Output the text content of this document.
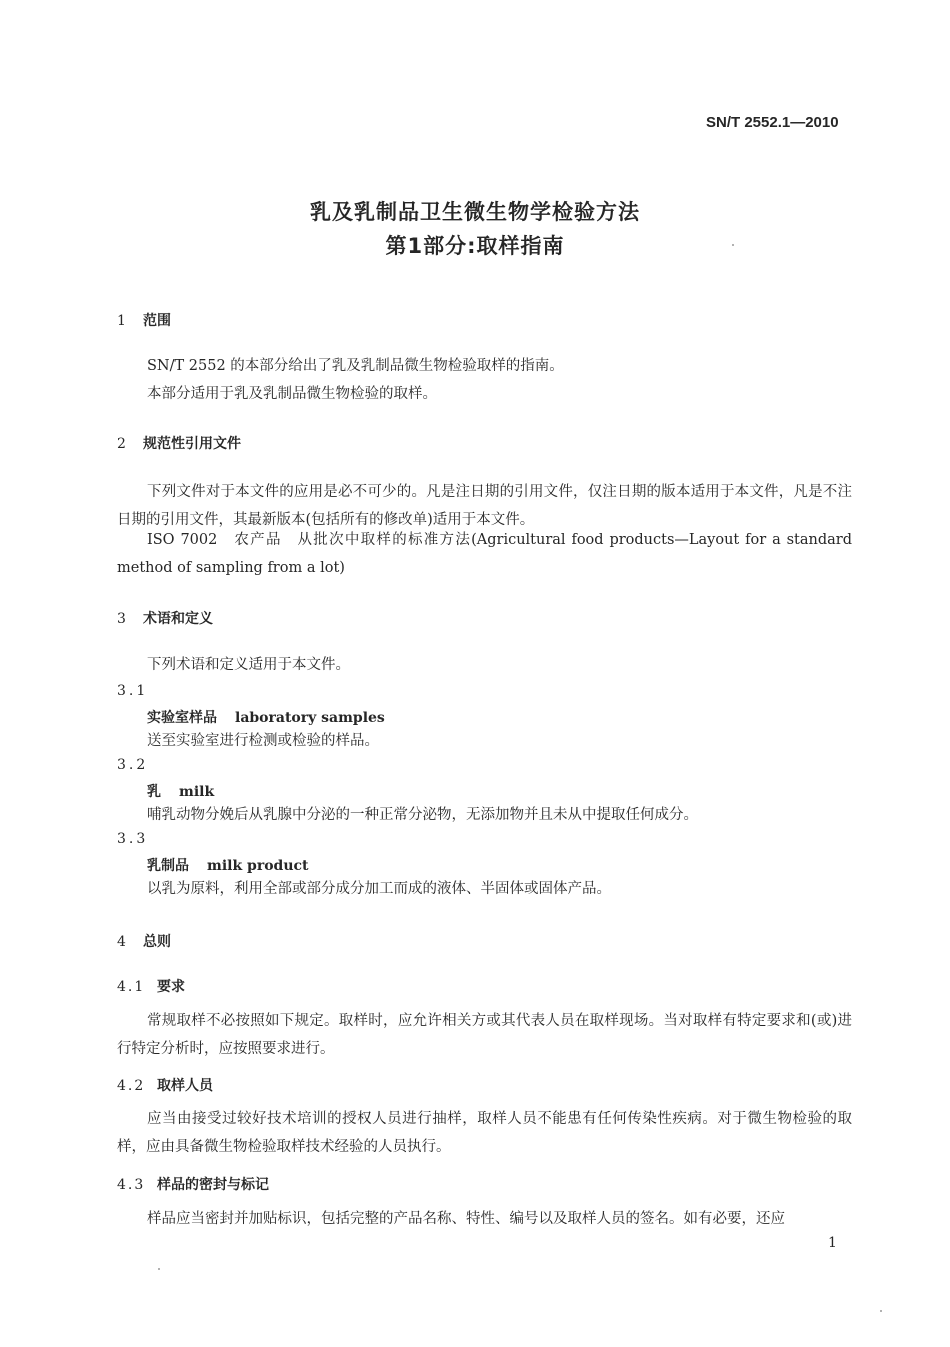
SN/T 2552.1—2010
乳及乳制品卫生微生物学检验方法
第1部分:取样指南
1 范围
SN/T 2552 的本部分给出了乳及乳制品微生物检验取样的指南。
本部分适用于乳及乳制品微生物检验的取样。
2 规范性引用文件
下列文件对于本文件的应用是必不可少的。凡是注日期的引用文件，仅注日期的版本适用于本文件，凡是不注日期的引用文件，其最新版本(包括所有的修改单)适用于本文件。
ISO 7002　农产品　从批次中取样的标准方法(Agricultural food products—Layout for a standard method of sampling from a lot)
3 术语和定义
下列术语和定义适用于本文件。
3.1
实验室样品 laboratory samples
送至实验室进行检测或检验的样品。
3.2
乳 milk
哺乳动物分娩后从乳腺中分泌的一种正常分泌物，无添加物并且未从中提取任何成分。
3.3
乳制品 milk product
以乳为原料，利用全部或部分成分加工而成的液体、半固体或固体产品。
4 总则
4.1 要求
常规取样不必按照如下规定。取样时，应允许相关方或其代表人员在取样现场。当对取样有特定要求和(或)进行特定分析时，应按照要求进行。
4.2 取样人员
应当由接受过较好技术培训的授权人员进行抽样，取样人员不能患有任何传染性疾病。对于微生物检验的取样，应由具备微生物检验取样技术经验的人员执行。
4.3 样品的密封与标记
样品应当密封并加贴标识，包括完整的产品名称、特性、编号以及取样人员的签名。如有必要，还应
1
